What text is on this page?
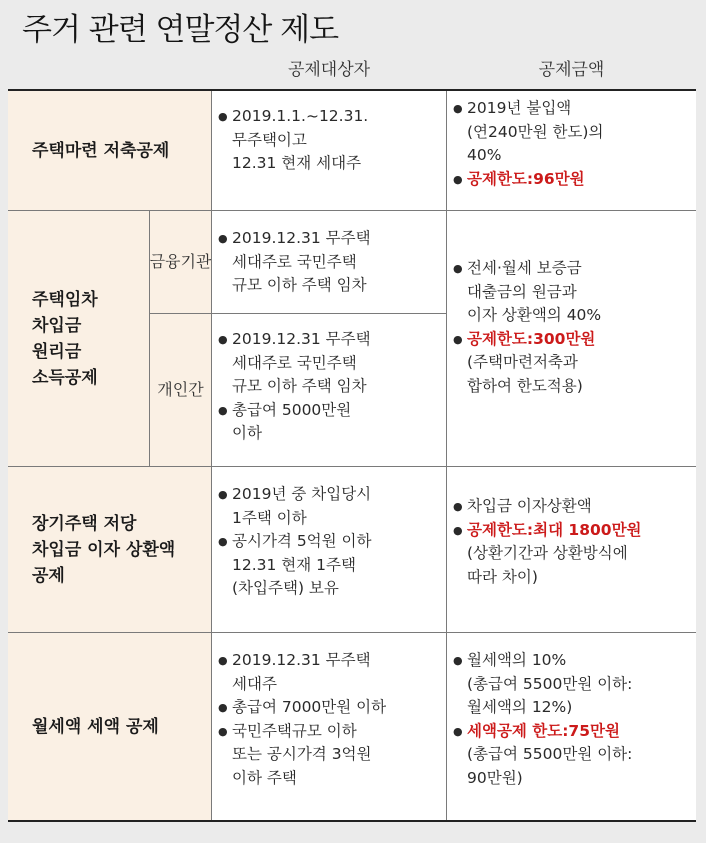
주거 관련 연말정산 제도
공제대상자	공제금액
주택마련 저축공제
● 2019.1.1.~12.31.
무주택이고
12.31 현재 세대주
● 2019년 불입액
(연240만원 한도)의
40%
● 공제한도:96만원
주택임차
차입금
원리금
소득공제
금융기관
개인간
● 2019.12.31 무주택
세대주로 국민주택
규모 이하 주택 임차
● 2019.12.31 무주택
세대주로 국민주택
규모 이하 주택 임차
● 총급여 5000만원
이하
● 전세·월세 보증금
대출금의 원금과
이자 상환액의 40%
● 공제한도:300만원
(주택마련저축과
합하여 한도적용)
장기주택 저당
차입금 이자 상환액
공제
● 2019년 중 차입당시
1주택 이하
● 공시가격 5억원 이하
12.31 현재 1주택
(차입주택) 보유
● 차입금 이자상환액
● 공제한도:최대 1800만원
(상환기간과 상환방식에
따라 차이)
월세액 세액 공제
● 2019.12.31 무주택
세대주
● 총급여 7000만원 이하
● 국민주택규모 이하
또는 공시가격 3억원
이하 주택
● 월세액의 10%
(총급여 5500만원 이하:
월세액의 12%)
● 세액공제 한도:75만원
(총급여 5500만원 이하:
90만원)
